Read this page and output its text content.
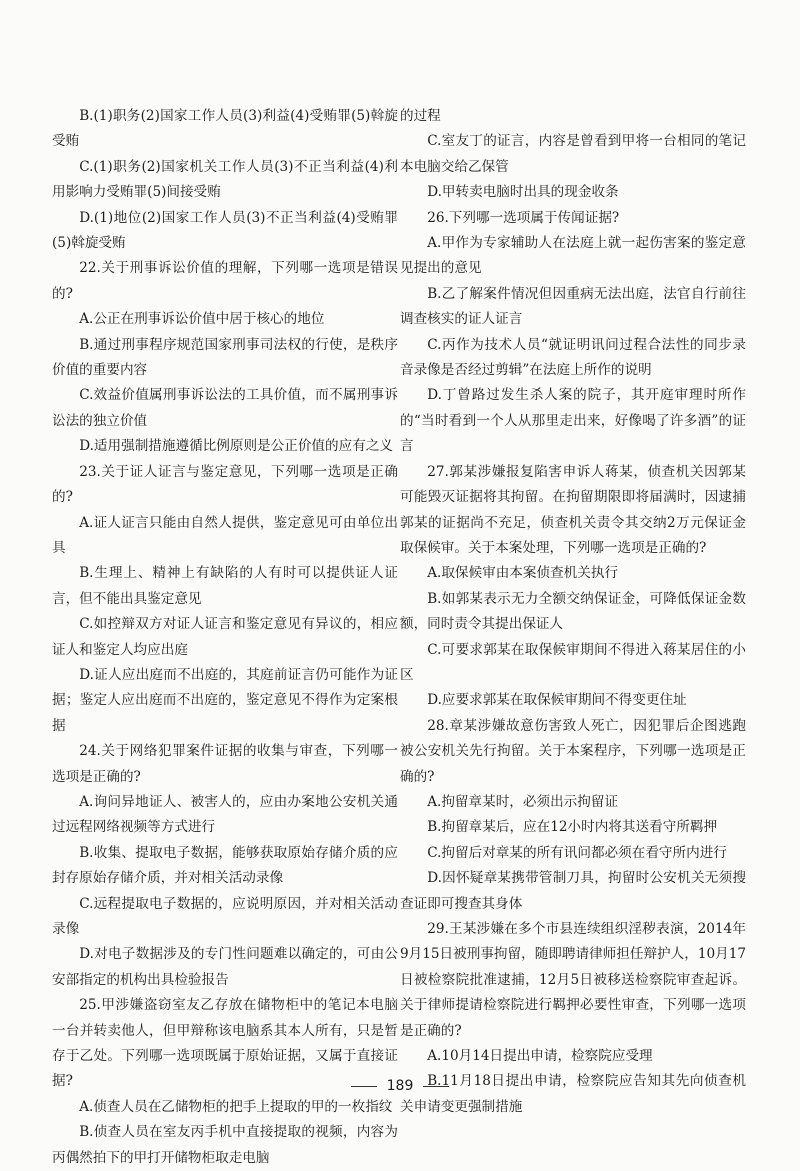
B.(1)职务(2)国家工作人员(3)利益(4)受贿罪(5)斡旋受贿

C.(1)职务(2)国家机关工作人员(3)不正当利益(4)利用影响力受贿罪(5)间接受贿

D.(1)地位(2)国家工作人员(3)不正当利益(4)受贿罪(5)斡旋受贿

22.关于刑事诉讼价值的理解，下列哪一选项是错误的?

A.公正在刑事诉讼价值中居于核心的地位

B.通过刑事程序规范国家刑事司法权的行使，是秩序价值的重要内容

C.效益价值属刑事诉讼法的工具价值，而不属刑事诉讼法的独立价值

D.适用强制措施遵循比例原则是公正价值的应有之义

23.关于证人证言与鉴定意见，下列哪一选项是正确的?

A.证人证言只能由自然人提供，鉴定意见可由单位出具

B.生理上、精神上有缺陷的人有时可以提供证人证言，但不能出具鉴定意见

C.如控辩双方对证人证言和鉴定意见有异议的，相应证人和鉴定人均应出庭

D.证人应出庭而不出庭的，其庭前证言仍可能作为证据；鉴定人应出庭而不出庭的，鉴定意见不得作为定案根据

24.关于网络犯罪案件证据的收集与审查，下列哪一选项是正确的?

A.询问异地证人、被害人的，应由办案地公安机关通过远程网络视频等方式进行

B.收集、提取电子数据，能够获取原始存储介质的应封存原始存储介质，并对相关活动录像

C.远程提取电子数据的，应说明原因，并对相关活动录像

D.对电子数据涉及的专门性问题难以确定的，可由公安部指定的机构出具检验报告

25.甲涉嫌盗窃室友乙存放在储物柜中的笔记本电脑一台并转卖他人，但甲辩称该电脑系其本人所有，只是暂存于乙处。下列哪一选项既属于原始证据，又属于直接证据?

A.侦查人员在乙储物柜的把手上提取的甲的一枚指纹

B.侦查人员在室友丙手机中直接提取的视频，内容为丙偶然拍下的甲打开储物柜取走电脑

的过程

C.室友丁的证言，内容是曾看到甲将一台相同的笔记本电脑交给乙保管

D.甲转卖电脑时出具的现金收条

26.下列哪一选项属于传闻证据?

A.甲作为专家辅助人在法庭上就一起伤害案的鉴定意见提出的意见

B.乙了解案件情况但因重病无法出庭，法官自行前往调查核实的证人证言

C.丙作为技术人员“就证明讯问过程合法性的同步录音录像是否经过剪辑”在法庭上所作的说明

D.丁曾路过发生杀人案的院子，其开庭审理时所作的“当时看到一个人从那里走出来，好像喝了许多酒”的证言

27.郭某涉嫌报复陷害申诉人蒋某，侦查机关因郭某可能毁灭证据将其拘留。在拘留期限即将届满时，因逮捕郭某的证据尚不充足，侦查机关责令其交纳2万元保证金取保候审。关于本案处理，下列哪一选项是正确的?

A.取保候审由本案侦查机关执行

B.如郭某表示无力全额交纳保证金，可降低保证金数额，同时责令其提出保证人

C.可要求郭某在取保候审期间不得进入蒋某居住的小区

D.应要求郭某在取保候审期间不得变更住址

28.章某涉嫌故意伤害致人死亡，因犯罪后企图逃跑被公安机关先行拘留。关于本案程序，下列哪一选项是正确的?

A.拘留章某时，必须出示拘留证

B.拘留章某后，应在12小时内将其送看守所羁押

C.拘留后对章某的所有讯问都必须在看守所内进行

D.因怀疑章某携带管制刀具，拘留时公安机关无须搜查证即可搜查其身体

29.王某涉嫌在多个市县连续组织淫秽表演，2014年9月15日被刑事拘留，随即聘请律师担任辩护人，10月17日被检察院批准逮捕，12月5日被移送检察院审查起诉。关于律师提请检察院进行羁押必要性审查，下列哪一选项是正确的?

A.10月14日提出申请，检察院应受理

B.11月18日提出申请，检察院应告知其先向侦查机关申请变更强制措施

189
